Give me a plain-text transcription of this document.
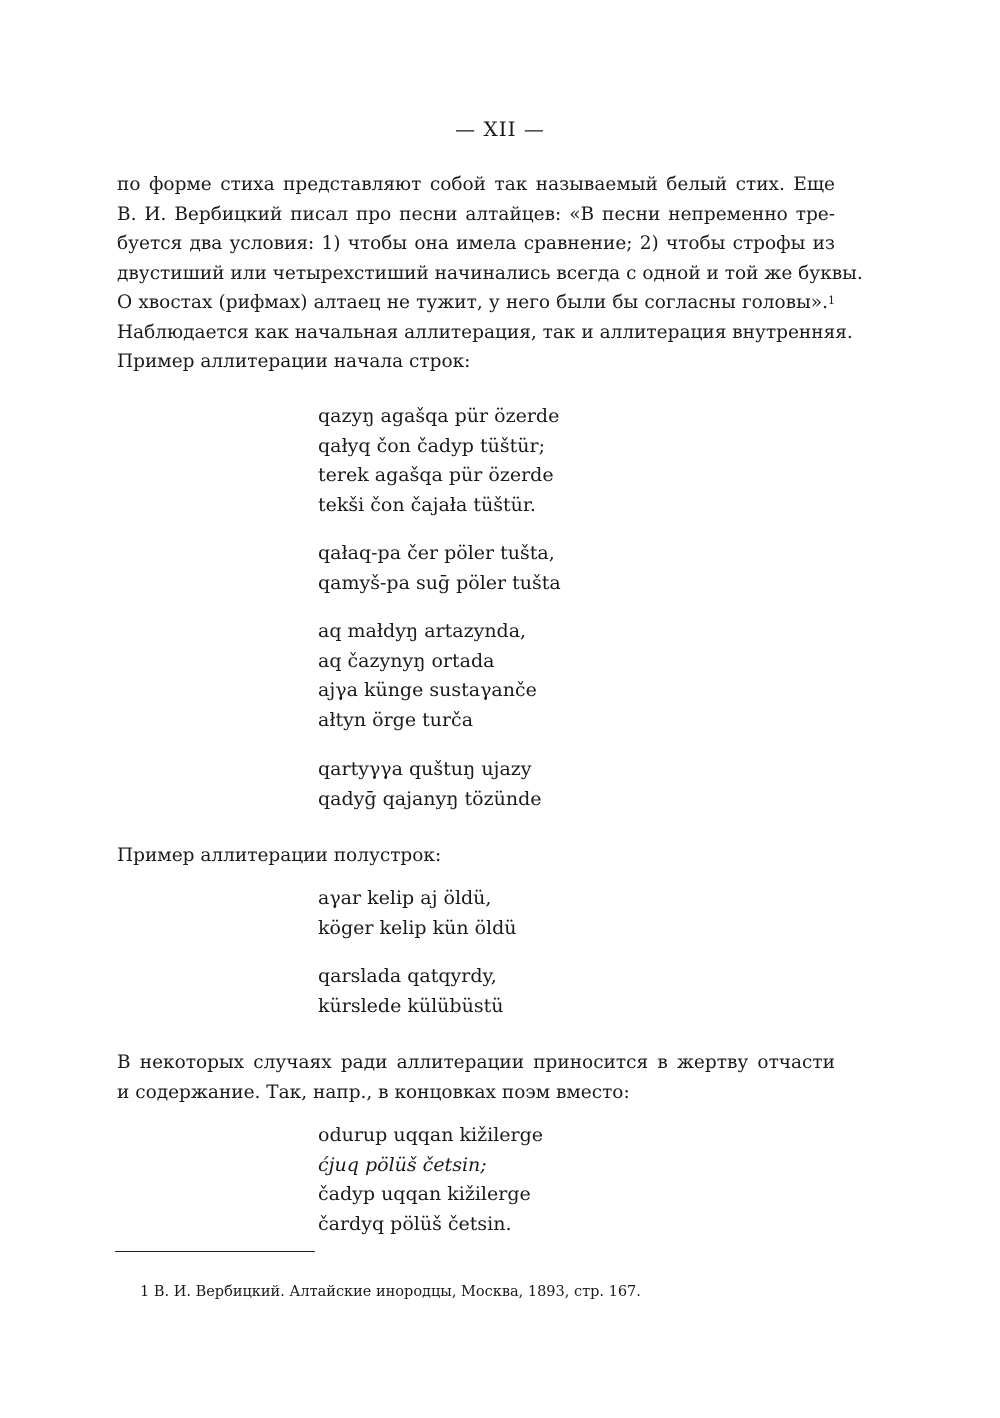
— XII —
по форме стиха представляют собой так называемый белый стих. Еще
В. И. Вербицкий писал про песни алтайцев: «В песни непременно тре-
буется два условия: 1) чтобы она имела сравнение; 2) чтобы строфы из
двустиший или четырехстиший начинались всегда с одной и той же буквы.
О хвостах (рифмах) алтаец не тужит, у него были бы согласны головы».$^1$
Наблюдается как начальная аллитерация, так и аллитерация внутренняя.
Пример аллитерации начала строк:
qazyŋ agašqa pür özerde
qałyq čon čadyp tüštür;
terek agašqa pür özerde
tekši čon čajała tüštür.
qałaq-pa čer pöler tušta,
qamyš-pa suḡ pöler tušta
aq małdyŋ artazynda,
aq čazynyŋ ortada
ajγa künge sustaγanče
ałtyn örge turča
qartyγγa quštuŋ ujazy
qadyḡ qajanyŋ tözünde
Пример аллитерации полустрок:
aγar kelip aj öldü,
köger kelip kün öldü
qarslada qatqyrdy,
kürslede külübüstü
В некоторых случаях ради аллитерации приносится в жертву отчасти
и содержание. Так, напр., в концовках поэм вместо:
odurup uqqan kižilerge
ćjuq pölüš četsin;
čadyp uqqan kižilerge
čardyq pölüš četsin.
1 В. И. Вербицкий. Алтайские инородцы, Москва, 1893, стр. 167.
